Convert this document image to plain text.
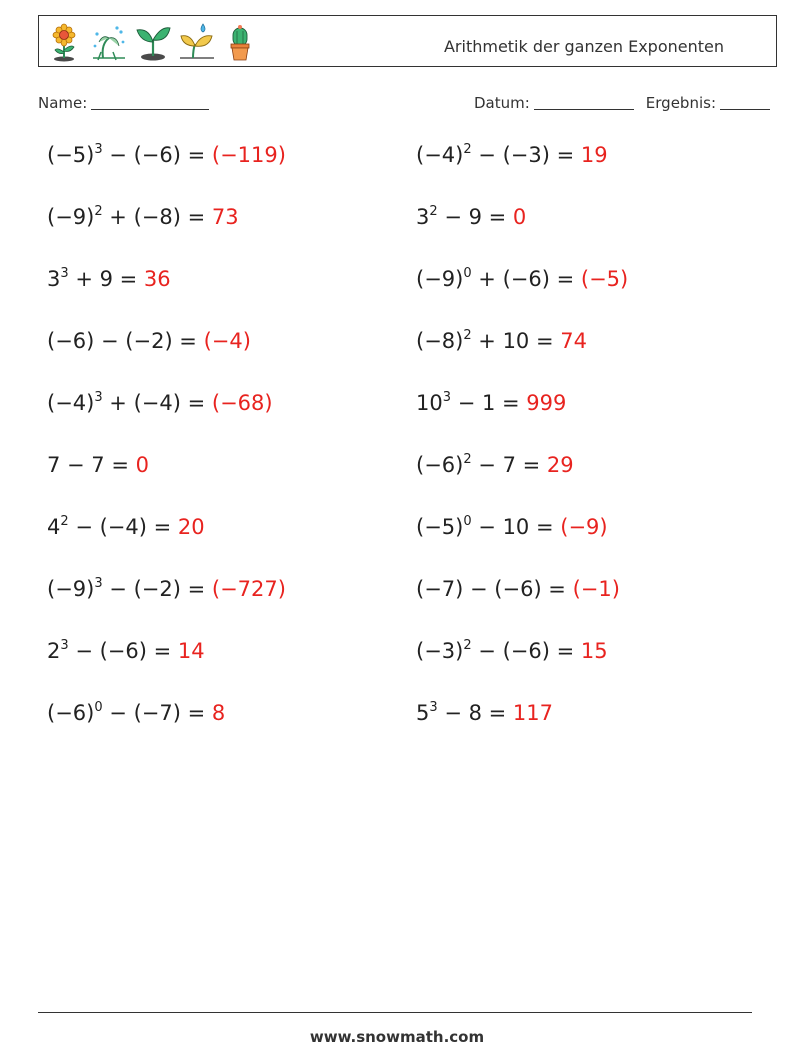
Arithmetik der ganzen Exponenten
Name:	Datum:	Ergebnis:
$(-5)^3 - (-6) = (-119)$	$(-4)^2 - (-3) = 19$
$(-9)^2 + (-8) = 73$	$3^2 - 9 = 0$
$3^3 + 9 = 36$	$(-9)^0 + (-6) = (-5)$
(−6) − (−2) = (−4)	$(-8)^2 + 10 = 74$
$(-4)^3 + (-4) = (-68)$	$10^3 - 1 = 999$
7 − 7 = 0	$(-6)^2 - 7 = 29$
$4^2 - (-4) = 20$	$(-5)^0 - 10 = (-9)$
$(-9)^3 - (-2) = (-727)$	(−7) − (−6) = (−1)
$2^3 - (-6) = 14$	$(-3)^2 - (-6) = 15$
$(-6)^0 - (-7) = 8$	$5^3 - 8 = 117$
www.snowmath.com
